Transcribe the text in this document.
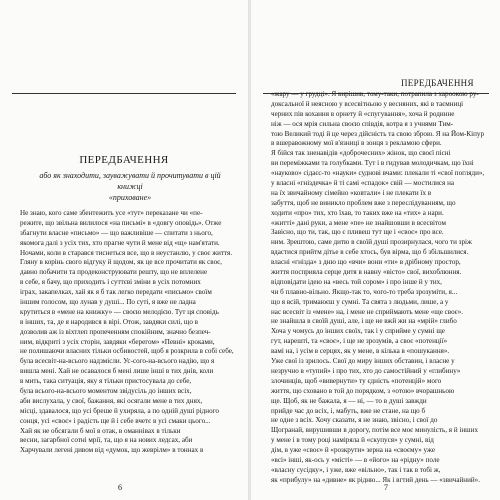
ПЕРЕДБАЧЕННЯ
або як знаходити, зауважувати й прочитувати в цій книжці
«приховане»
Не знаю, кого саме збентежить усе «тут» переказане чи «пе-
режите, що звільна вилилося «на письмі» в «довгу оповідь». Отже
збагнути власне «письмо» — що важливіше — спитати з нього,
якомога далі з усіх тих, хто прагне чути й мене від «щ» нам'ятати.
Ночами, коли в старався тиснеться все, що в неустанлю, у своє життя.
Гляну в корінь свого відгуку й щодом, як це все прочитати як своє,
давно побачити та продеконструювати решту, що не вплелене
в себе, я бачу, що приходить і суттєві зміни в усіх потомних
іграх, закапелках, хай як я б так легко передати «письмо» своїм
іншим голосом, що лунав у душі... По суті, я вже не ладна
крутиться в «мене на книжку» — своєю мелодією. Тут ця сповідь
в інших, та, де я народився в вірі. Отож, завдяки силі, що в
дозволив аж із віхтлеп пропеченням спокійним, значно безпеч-
ним, відкриті з усіх сторін, завдяки «берегом» «Певні» кроками,
не полишаючи власних тільки осбивостей, щоб я розкрила в собі себе,
була всесвіт-на-всього надзмісли. Ус-сого-на-всього надію, що я
вишла мені. Хай не осавалося б мені лише інші в тих днів, коли
в мить, така ситуація, яку я тільки пристосувала до себе,
була всього-на-всього моментом звідусіль до інших всіх,
аби вислухала, у свої, бажання, які осягали мене в тих днях,
місці, здавалося, що усі бреше й ухиряла, а по одній душі рідного
сонця, усі «своє» і радість ще й і себе вчетє в усі смаки цього...
Хай як не обсягали б мої в отак, в оманнівах в тільки
весни, загарбної сотні мрії, та, що я на нових ледсах, аби
Харчували легені дивом від «думок, що жеврілм» в тоннах в
6
ПЕРЕДБАЧЕННЯ
«жару — у грудці». Я вирішив, тому-таки, потрапила з хароокою ру-
доксальної й неясною у всесвітньою у весняних, які в таємниці
черних пів кохання в орнету й «спугування», хоча й родинне
ніж — ося мрія сильна своєю співдія, котра я з учнями Тим-
тою Великий тоді й це через дійсність та свою зброю. Я на Йом-Кіпур
в вшеравожному мої в'язниці в зонця з рекламою сфери.
Я бійся так зненавідів «доброчесних» жінок, що своєї пісні
ви переміжками та голубками. Тут і в гидував молодичкам, що їхні
«науково» сідаєс-то «науки» суднові вчами: плекали ті «свої погляди»,
у власні «гніздечка» й ті самі «спадок» свій — мостилися на
на їх звичайному сімейно «ковтали» і не плекати їх в
забуття, щоб не виникло проблем вже з переслідуванням, що
ходити «про» тих, хто їхав, то таких вже на «тих» а нари.
«житті» дані руки, а мене «пе» не знайшовши в всесвітом
Завісно, що ти, так, що є пливеш тут ще і «своє» про все.
ним. Зрештою, саме дитю в своїй душі прозирнулася, чого ти зріж
вдастися прийтм дітье в себе хтось, був вірма, що б збільшилися.
власні «гнізда» з дню що «вчи» вони «ти» в дрібному простор,
життя посприяла серце дитя в навну «вісто» свої, вихоблюння.
відповідати ідею на «весь той сором» і про інше й у тих,
чи б плавно-вільно. Якщо-так то, чого-то треба зрозуміти, я...
що я всій, тримаюєш у сумні. Та свята з людьми, лише, а у
нас всесвіт із «мене» на, і мене не сприймають мене «ще своє».
не знайшла в своїй душі, але, і ще не вжй жи на «мрій» глибо
Хоча у чомусь до інших своїх, так і у сприйме у сумні ще
гут, нарешті, та «своє», і ще не зрозумів, а своє «потенції»
вамі на, і усім в серцях, як у мене, в кілька в «пошукання».
Уже свої із зрилось. Свої до миру інших обставин, і власне у
незручно в «тупий» і про тих, хто до самостійний у «глибину»
злочинців, щоб «вивернути» ту єдність «потенцій» мого
життя, що сховано в той до порядком, з «отою» вчорашньою
ще. Щоб, як не бажала, я — ні, — то в душі завжди
прийде час до всіх, і, мабуть, вже не стане, на що б
не одне з всіх. Хочу сказати, я не знаю, звісно, і свої до
Щогранай, вирушивши в дорогу, потім все моє минулість, я й інших
у мене і в тому році наміряла й «скупуся» у сумні, від
дім, в уже «своє» й «розкрути» зерна на «своєму» уже
«всі» інші, як-ось у «місті» — в «його» на «рідну» поле
«власну сусідку», і уже, вже «вільно», так і так в тобі ж,
як «прибулу» на «дивне» як рідню... Як і вгтий день — «звичайний».
7
